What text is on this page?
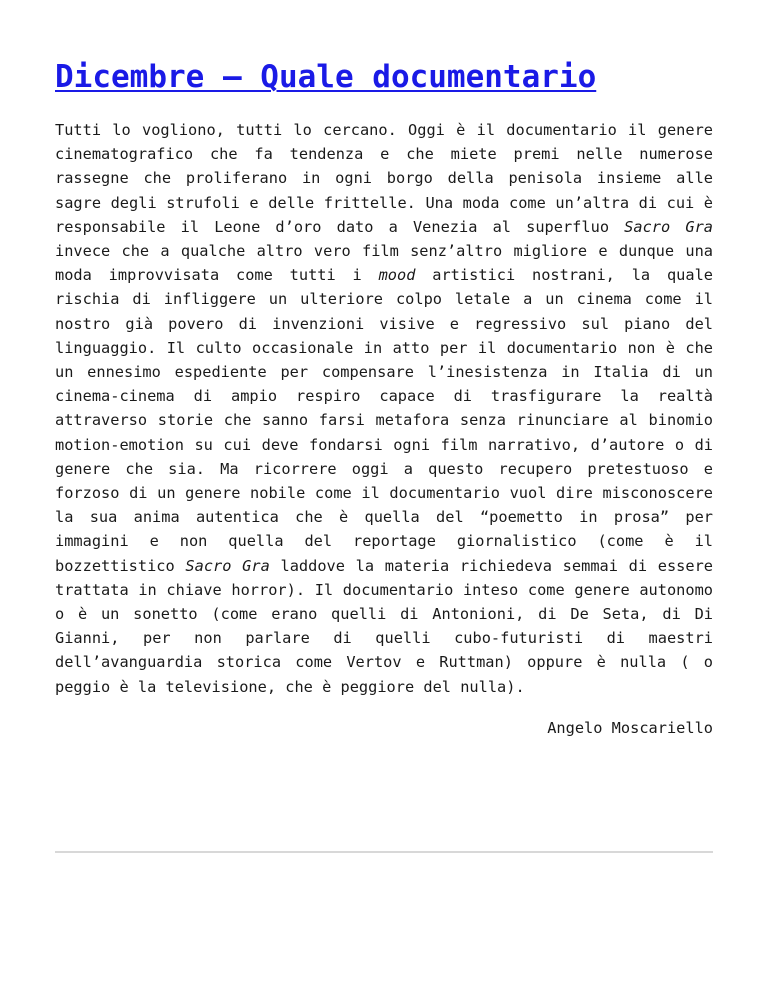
Dicembre – Quale documentario
Tutti lo vogliono, tutti lo cercano. Oggi è il documentario il genere cinematografico che fa tendenza e che miete premi nelle numerose rassegne che proliferano in ogni borgo della penisola insieme alle sagre degli strufoli e delle frittelle. Una moda come un’altra di cui è responsabile il Leone d’oro dato a Venezia al superfluo Sacro Gra invece che a qualche altro vero film senz’altro migliore e dunque una moda improvvisata come tutti i mood artistici nostrani, la quale rischia di infliggere un ulteriore colpo letale a un cinema come il nostro già povero di invenzioni visive e regressivo sul piano del linguaggio. Il culto occasionale in atto per il documentario non è che un ennesimo espediente per compensare l’inesistenza in Italia di un cinema-cinema di ampio respiro capace di trasfigurare la realtà attraverso storie che sanno farsi metafora senza rinunciare al binomio motion-emotion su cui deve fondarsi ogni film narrativo, d’autore o di genere che sia. Ma ricorrere oggi a questo recupero pretestuoso e forzoso di un genere nobile come il documentario vuol dire misconoscere la sua anima autentica che è quella del “poemetto in prosa” per immagini e non quella del reportage giornalistico (come è il bozzettistico Sacro Gra laddove la materia richiedeva semmai di essere trattata in chiave horror). Il documentario inteso come genere autonomo o è un sonetto (come erano quelli di Antonioni, di De Seta, di Di Gianni, per non parlare di quelli cubo-futuristi di maestri dell’avanguardia storica come Vertov e Ruttman) oppure è nulla ( o peggio è la televisione, che è peggiore del nulla).
Angelo Moscariello
